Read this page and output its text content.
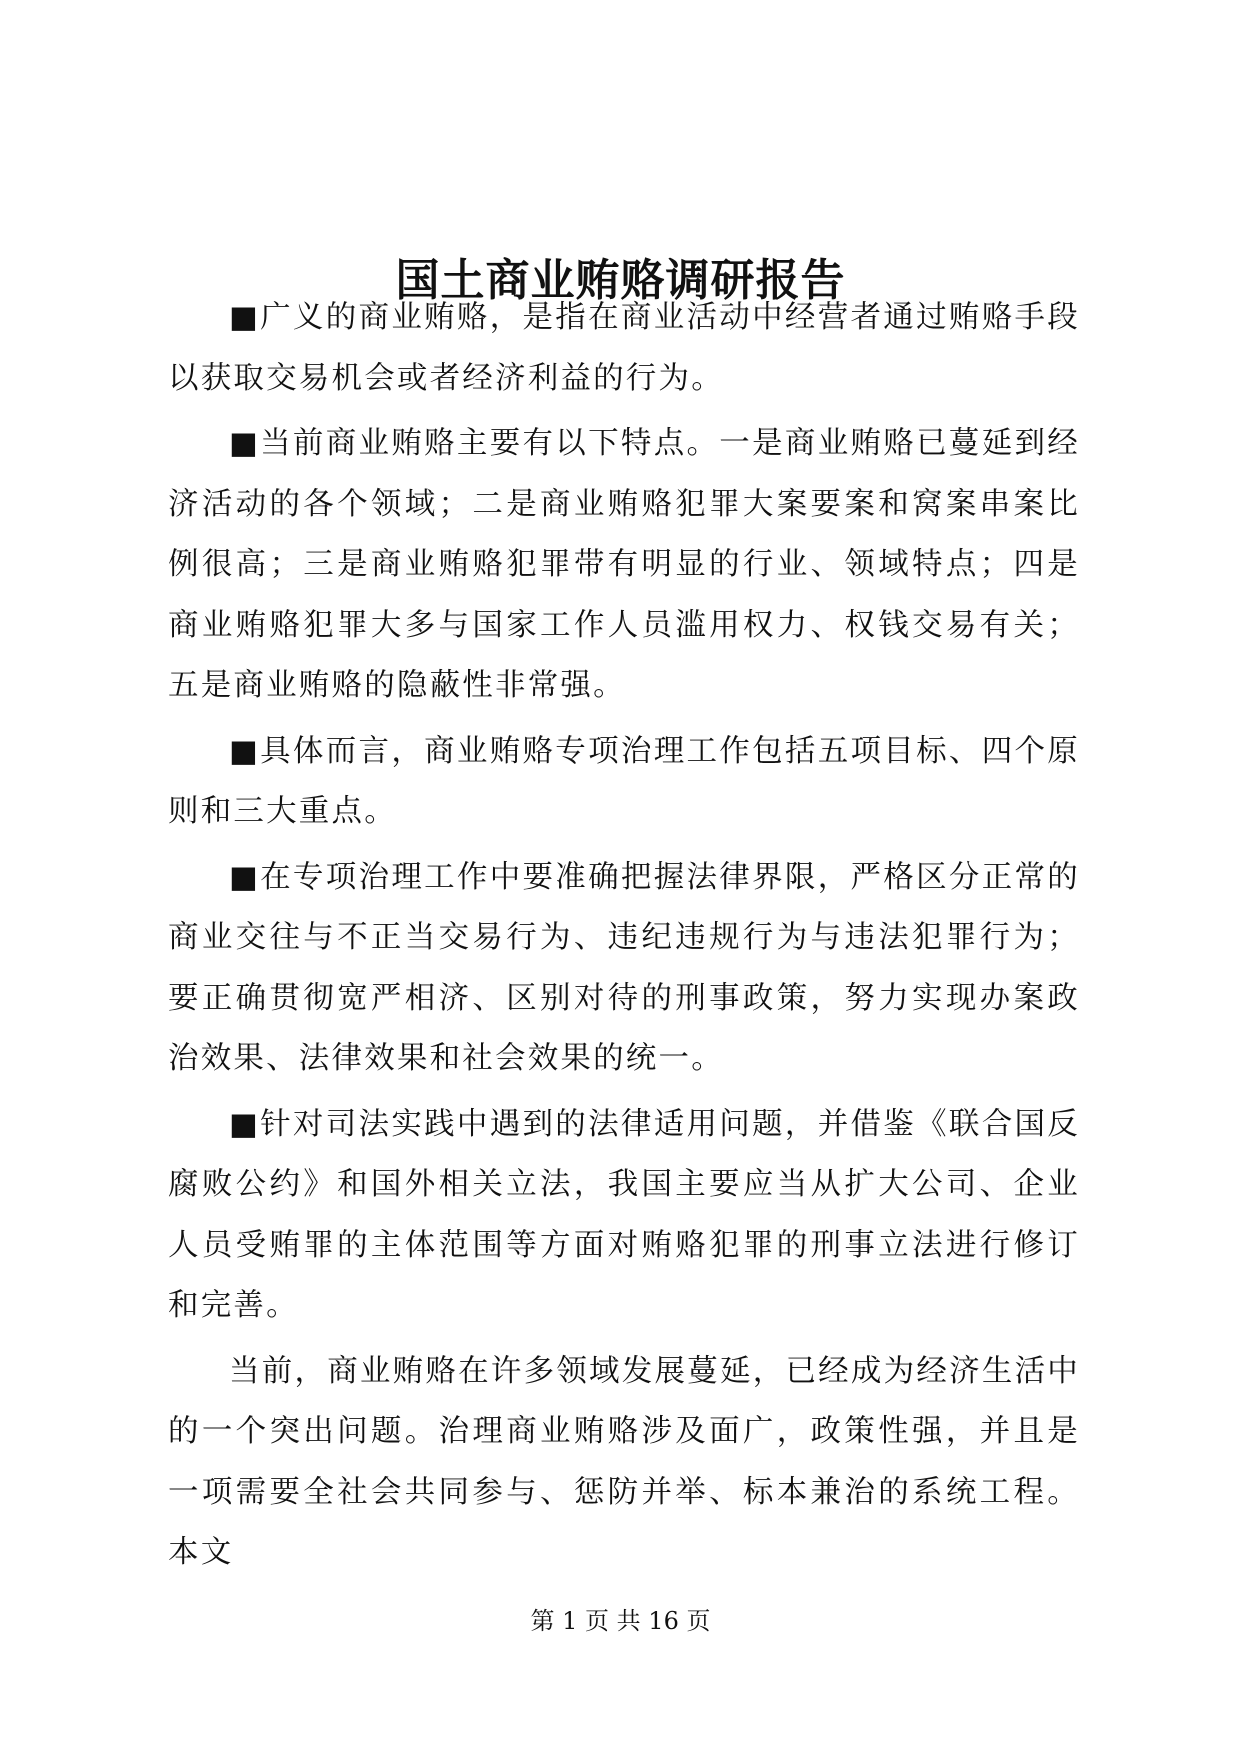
国土商业贿赂调研报告

■广义的商业贿赂，是指在商业活动中经营者通过贿赂手段以获取交易机会或者经济利益的行为。

■当前商业贿赂主要有以下特点。一是商业贿赂已蔓延到经济活动的各个领域；二是商业贿赂犯罪大案要案和窝案串案比例很高；三是商业贿赂犯罪带有明显的行业、领域特点；四是商业贿赂犯罪大多与国家工作人员滥用权力、权钱交易有关；五是商业贿赂的隐蔽性非常强。

■具体而言，商业贿赂专项治理工作包括五项目标、四个原则和三大重点。

■在专项治理工作中要准确把握法律界限，严格区分正常的商业交往与不正当交易行为、违纪违规行为与违法犯罪行为；要正确贯彻宽严相济、区别对待的刑事政策，努力实现办案政治效果、法律效果和社会效果的统一。

■针对司法实践中遇到的法律适用问题，并借鉴《联合国反腐败公约》和国外相关立法，我国主要应当从扩大公司、企业人员受贿罪的主体范围等方面对贿赂犯罪的刑事立法进行修订和完善。

当前，商业贿赂在许多领域发展蔓延，已经成为经济生活中的一个突出问题。治理商业贿赂涉及面广，政策性强，并且是一项需要全社会共同参与、惩防并举、标本兼治的系统工程。本文

第 1 页 共 16 页
